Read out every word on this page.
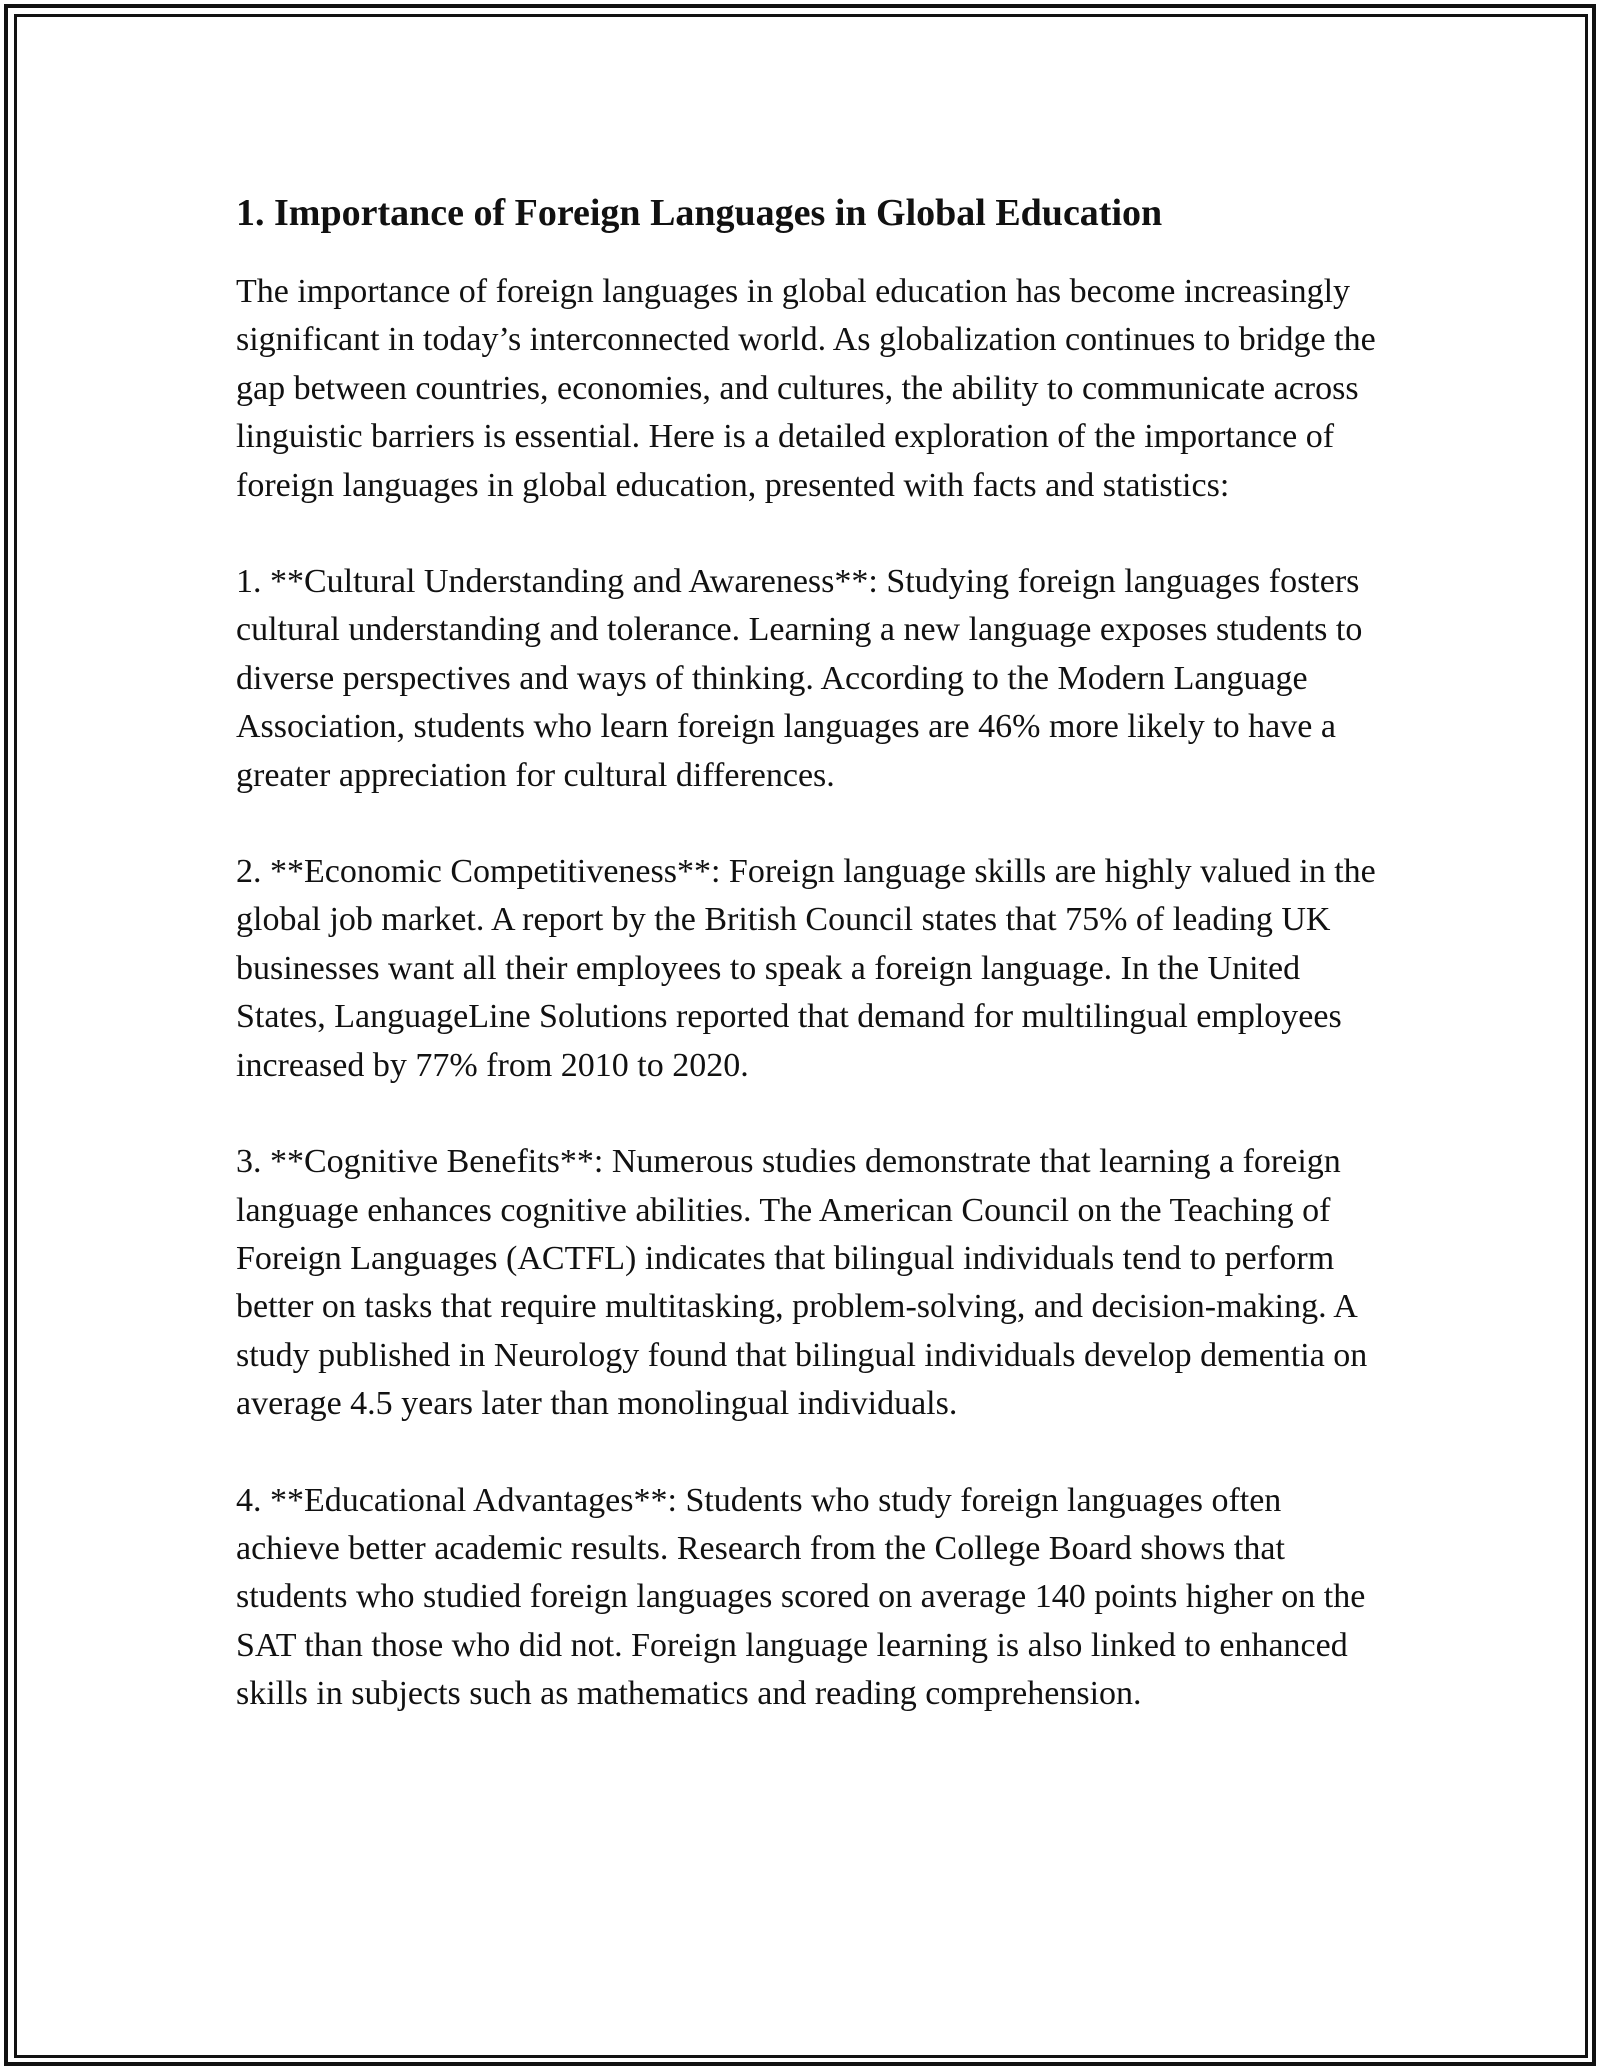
1. Importance of Foreign Languages in Global Education

The importance of foreign languages in global education has become increasingly significant in today’s interconnected world. As globalization continues to bridge the gap between countries, economies, and cultures, the ability to communicate across linguistic barriers is essential. Here is a detailed exploration of the importance of foreign languages in global education, presented with facts and statistics:

1. **Cultural Understanding and Awareness**: Studying foreign languages fosters cultural understanding and tolerance. Learning a new language exposes students to diverse perspectives and ways of thinking. According to the Modern Language Association, students who learn foreign languages are 46% more likely to have a greater appreciation for cultural differences.

2. **Economic Competitiveness**: Foreign language skills are highly valued in the global job market. A report by the British Council states that 75% of leading UK businesses want all their employees to speak a foreign language. In the United States, LanguageLine Solutions reported that demand for multilingual employees increased by 77% from 2010 to 2020.

3. **Cognitive Benefits**: Numerous studies demonstrate that learning a foreign language enhances cognitive abilities. The American Council on the Teaching of Foreign Languages (ACTFL) indicates that bilingual individuals tend to perform better on tasks that require multitasking, problem-solving, and decision-making. A study published in Neurology found that bilingual individuals develop dementia on average 4.5 years later than monolingual individuals.

4. **Educational Advantages**: Students who study foreign languages often achieve better academic results. Research from the College Board shows that students who studied foreign languages scored on average 140 points higher on the SAT than those who did not. Foreign language learning is also linked to enhanced skills in subjects such as mathematics and reading comprehension.
